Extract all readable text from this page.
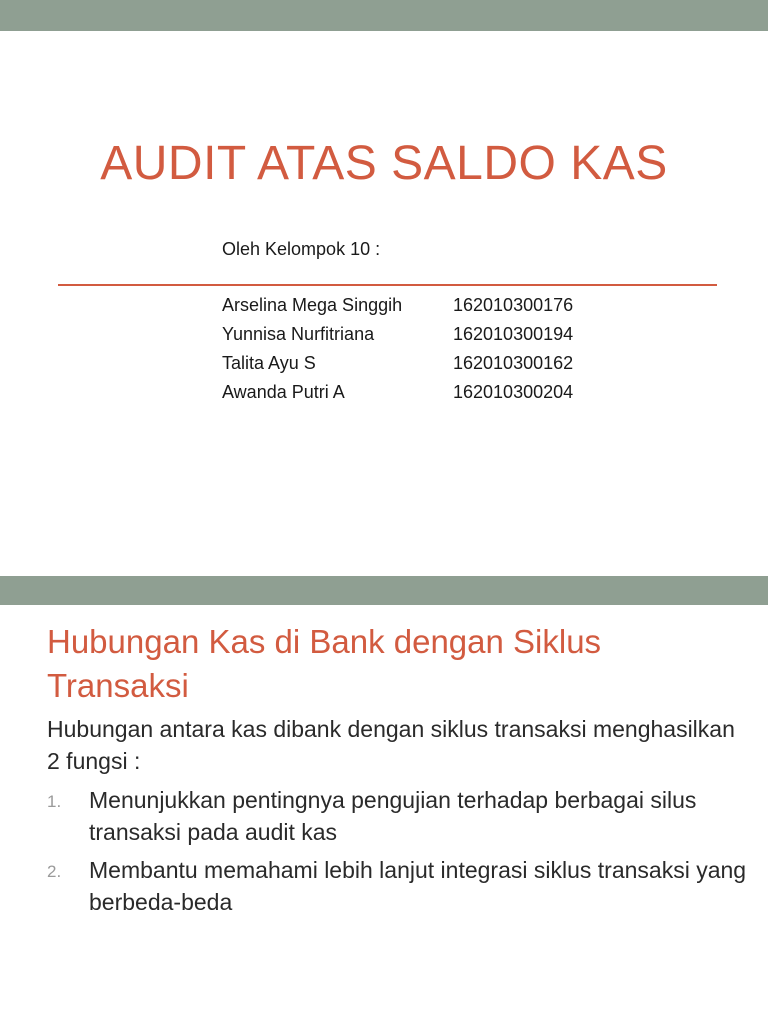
AUDIT ATAS SALDO KAS
Oleh Kelompok 10 :
Arselina Mega Singgih	162010300176
Yunnisa Nurfitriana	162010300194
Talita Ayu S	162010300162
Awanda Putri A	162010300204
Hubungan Kas di Bank dengan Siklus Transaksi
Hubungan antara kas dibank dengan siklus transaksi menghasilkan 2 fungsi :
1. Menunjukkan pentingnya pengujian terhadap berbagai silus transaksi pada audit kas
2. Membantu memahami lebih lanjut integrasi siklus transaksi yang berbeda-beda
